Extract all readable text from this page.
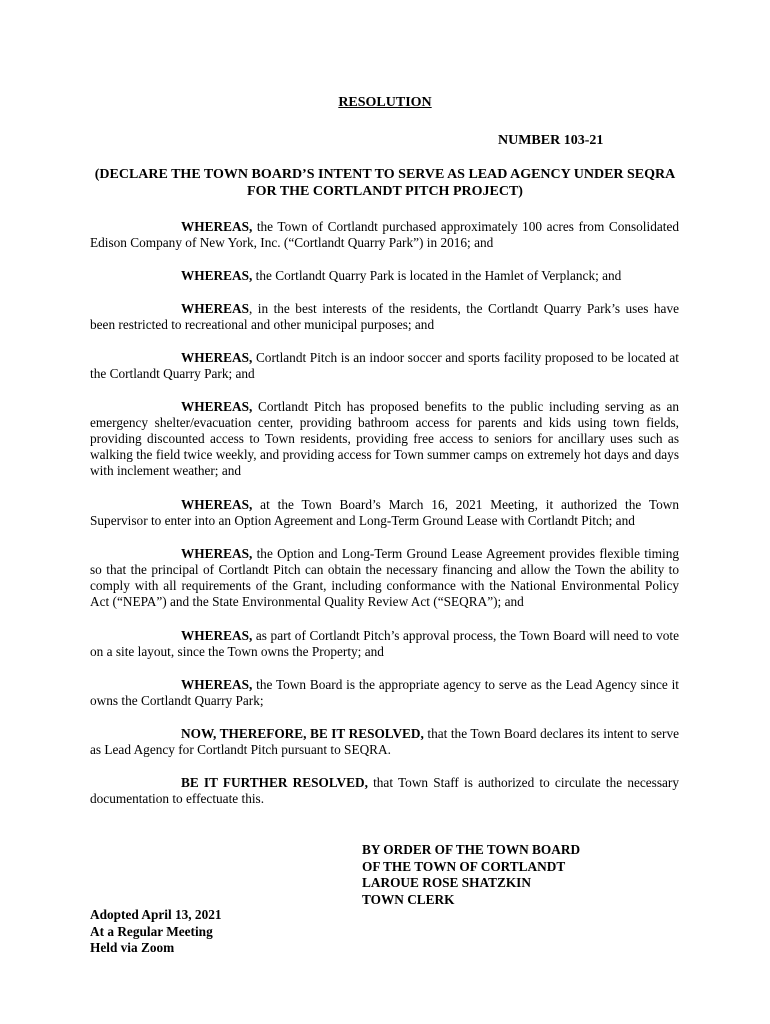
RESOLUTION
NUMBER 103-21
(DECLARE THE TOWN BOARD’S INTENT TO SERVE AS LEAD AGENCY UNDER SEQRA FOR THE CORTLANDT PITCH PROJECT)
WHEREAS, the Town of Cortlandt purchased approximately 100 acres from Consolidated Edison Company of New York, Inc. (“Cortlandt Quarry Park”) in 2016; and
WHEREAS, the Cortlandt Quarry Park is located in the Hamlet of Verplanck; and
WHEREAS, in the best interests of the residents, the Cortlandt Quarry Park’s uses have been restricted to recreational and other municipal purposes; and
WHEREAS, Cortlandt Pitch is an indoor soccer and sports facility proposed to be located at the Cortlandt Quarry Park; and
WHEREAS, Cortlandt Pitch has proposed benefits to the public including serving as an emergency shelter/evacuation center, providing bathroom access for parents and kids using town fields, providing discounted access to Town residents, providing free access to seniors for ancillary uses such as walking the field twice weekly, and providing access for Town summer camps on extremely hot days and days with inclement weather; and
WHEREAS, at the Town Board’s March 16, 2021 Meeting, it authorized the Town Supervisor to enter into an Option Agreement and Long-Term Ground Lease with Cortlandt Pitch; and
WHEREAS, the Option and Long-Term Ground Lease Agreement provides flexible timing so that the principal of Cortlandt Pitch can obtain the necessary financing and allow the Town the ability to comply with all requirements of the Grant, including conformance with the National Environmental Policy Act (“NEPA”) and the State Environmental Quality Review Act (“SEQRA”); and
WHEREAS, as part of Cortlandt Pitch’s approval process, the Town Board will need to vote on a site layout, since the Town owns the Property; and
WHEREAS, the Town Board is the appropriate agency to serve as the Lead Agency since it owns the Cortlandt Quarry Park;
NOW, THEREFORE, BE IT RESOLVED, that the Town Board declares its intent to serve as Lead Agency for Cortlandt Pitch pursuant to SEQRA.
BE IT FURTHER RESOLVED, that Town Staff is authorized to circulate the necessary documentation to effectuate this.
BY ORDER OF THE TOWN BOARD
OF THE TOWN OF CORTLANDT
LAROUE ROSE SHATZKIN
TOWN CLERK
Adopted April 13, 2021
At a Regular Meeting
Held via Zoom
